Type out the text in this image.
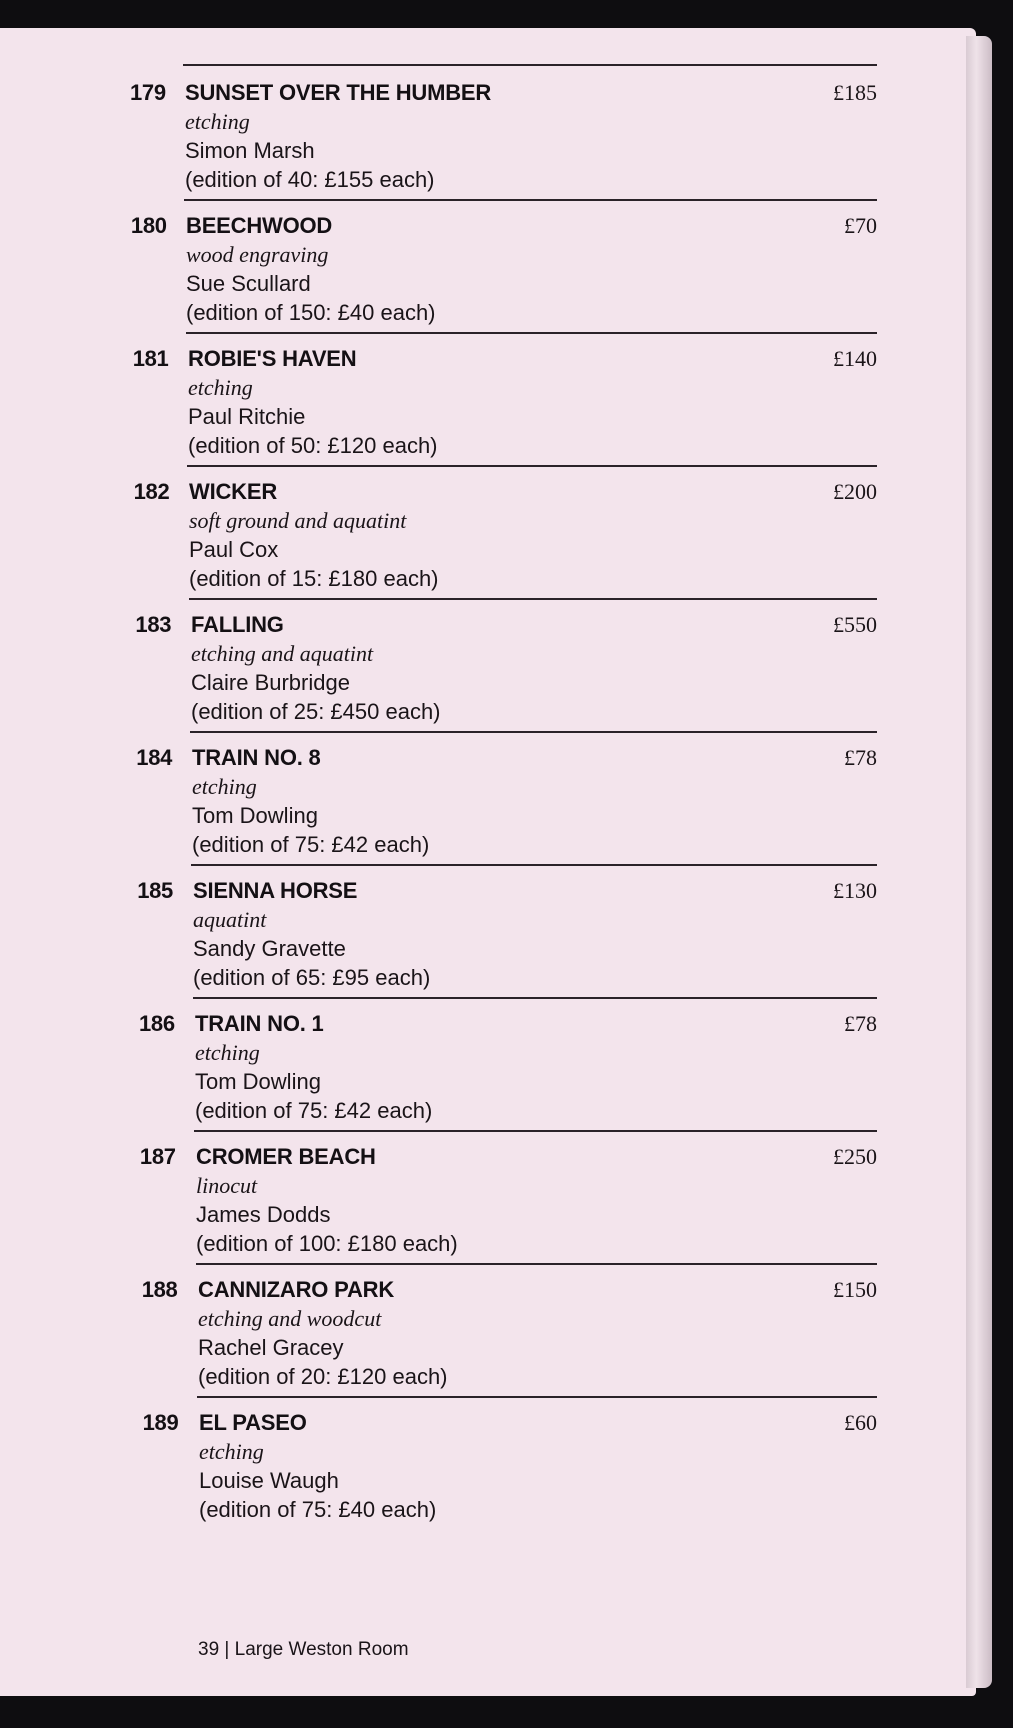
179 SUNSET OVER THE HUMBER
etching
Simon Marsh
(edition of 40: £155 each)
£185
180 BEECHWOOD
wood engraving
Sue Scullard
(edition of 150: £40 each)
£70
181 ROBIE'S HAVEN
etching
Paul Ritchie
(edition of 50: £120 each)
£140
182 WICKER
soft ground and aquatint
Paul Cox
(edition of 15: £180 each)
£200
183 FALLING
etching and aquatint
Claire Burbridge
(edition of 25: £450 each)
£550
184 TRAIN NO. 8
etching
Tom Dowling
(edition of 75: £42 each)
£78
185 SIENNA HORSE
aquatint
Sandy Gravette
(edition of 65: £95 each)
£130
186 TRAIN NO. 1
etching
Tom Dowling
(edition of 75: £42 each)
£78
187 CROMER BEACH
linocut
James Dodds
(edition of 100: £180 each)
£250
188 CANNIZARO PARK
etching and woodcut
Rachel Gracey
(edition of 20: £120 each)
£150
189 EL PASEO
etching
Louise Waugh
(edition of 75: £40 each)
£60
39 | Large Weston Room
